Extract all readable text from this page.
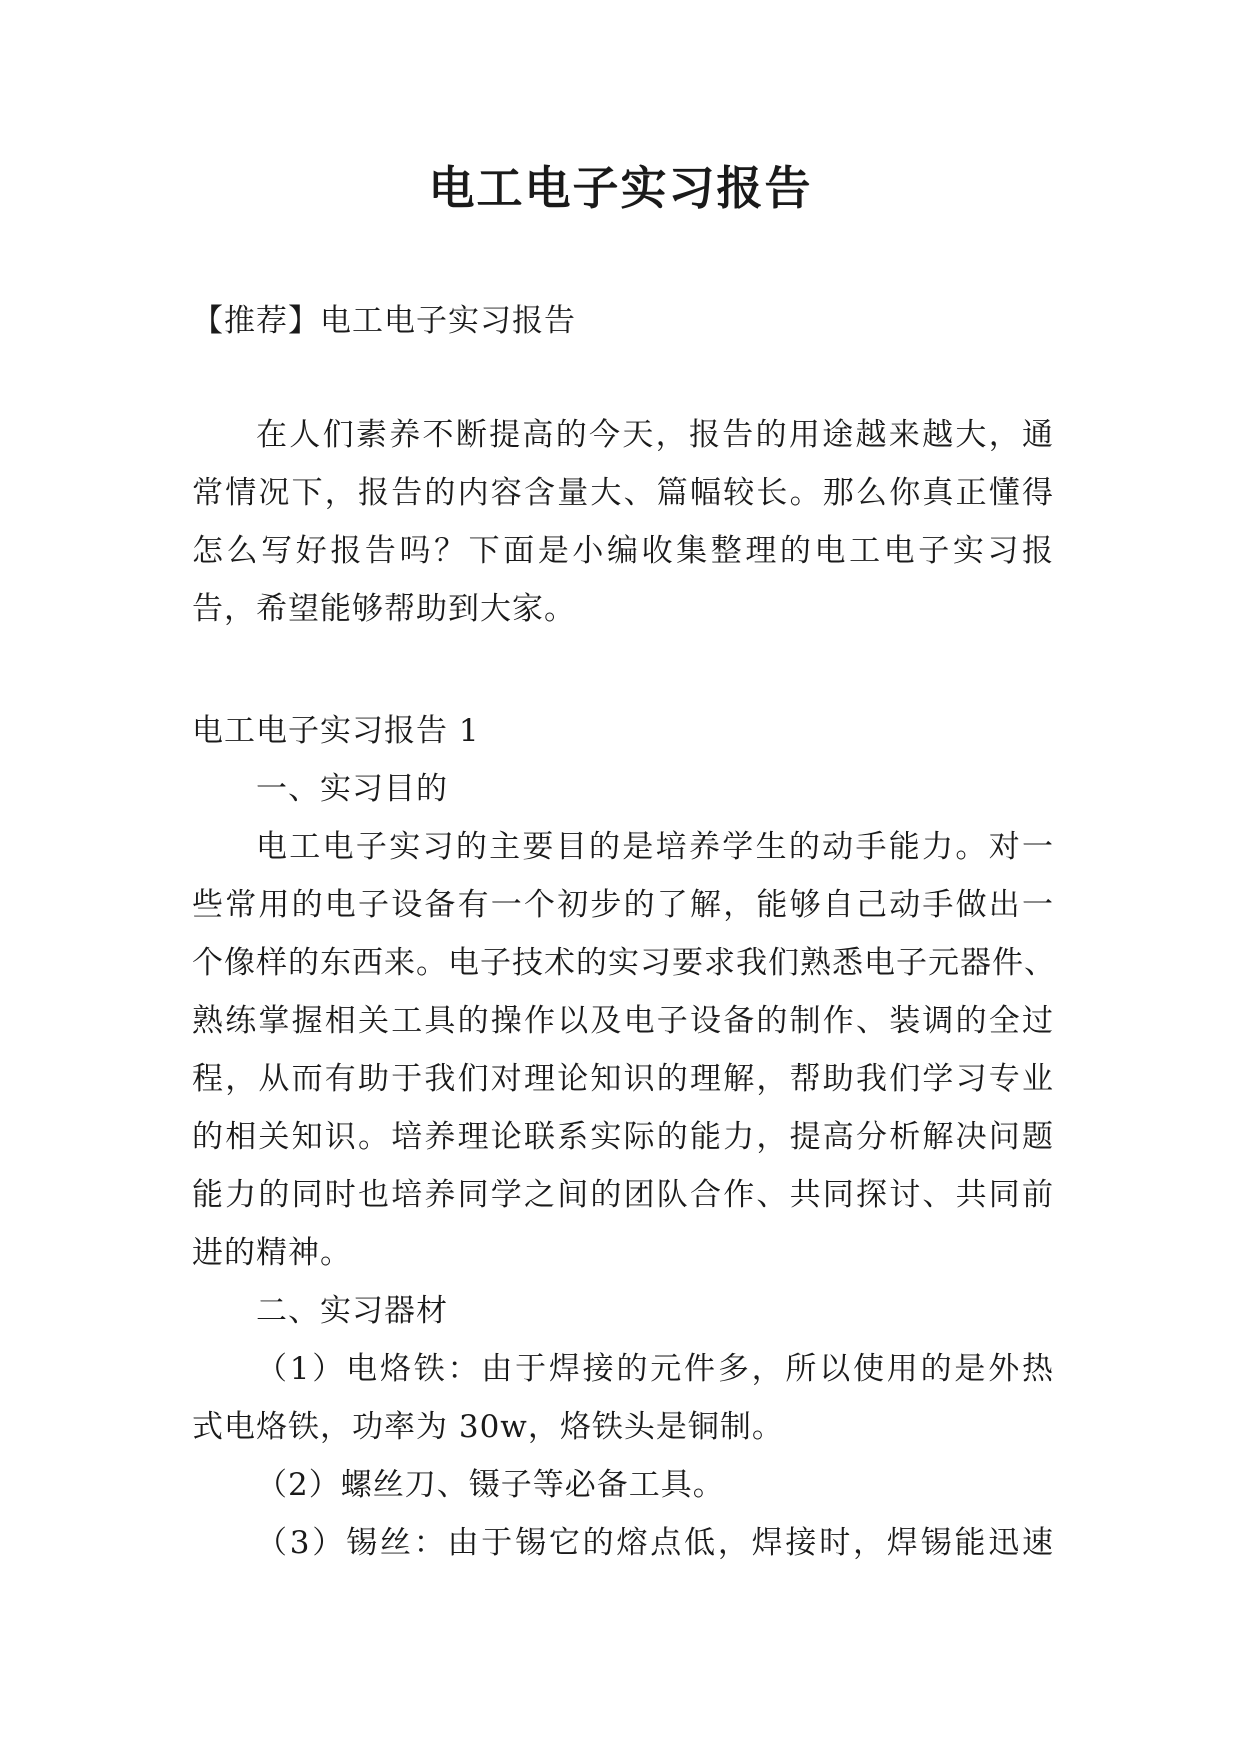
电工电子实习报告
【推荐】电工电子实习报告
在人们素养不断提高的今天，报告的用途越来越大，通
常情况下，报告的内容含量大、篇幅较长。那么你真正懂得
怎么写好报告吗？下面是小编收集整理的电工电子实习报
告，希望能够帮助到大家。
电工电子实习报告 1
一、实习目的
电工电子实习的主要目的是培养学生的动手能力。对一
些常用的电子设备有一个初步的了解，能够自己动手做出一
个像样的东西来。电子技术的实习要求我们熟悉电子元器件、
熟练掌握相关工具的操作以及电子设备的制作、装调的全过
程，从而有助于我们对理论知识的理解，帮助我们学习专业
的相关知识。培养理论联系实际的能力，提高分析解决问题
能力的同时也培养同学之间的团队合作、共同探讨、共同前
进的精神。
二、实习器材
（1）电烙铁：由于焊接的元件多，所以使用的是外热
式电烙铁，功率为 30w，烙铁头是铜制。
（2）螺丝刀、镊子等必备工具。
（3）锡丝：由于锡它的熔点低，焊接时，焊锡能迅速
